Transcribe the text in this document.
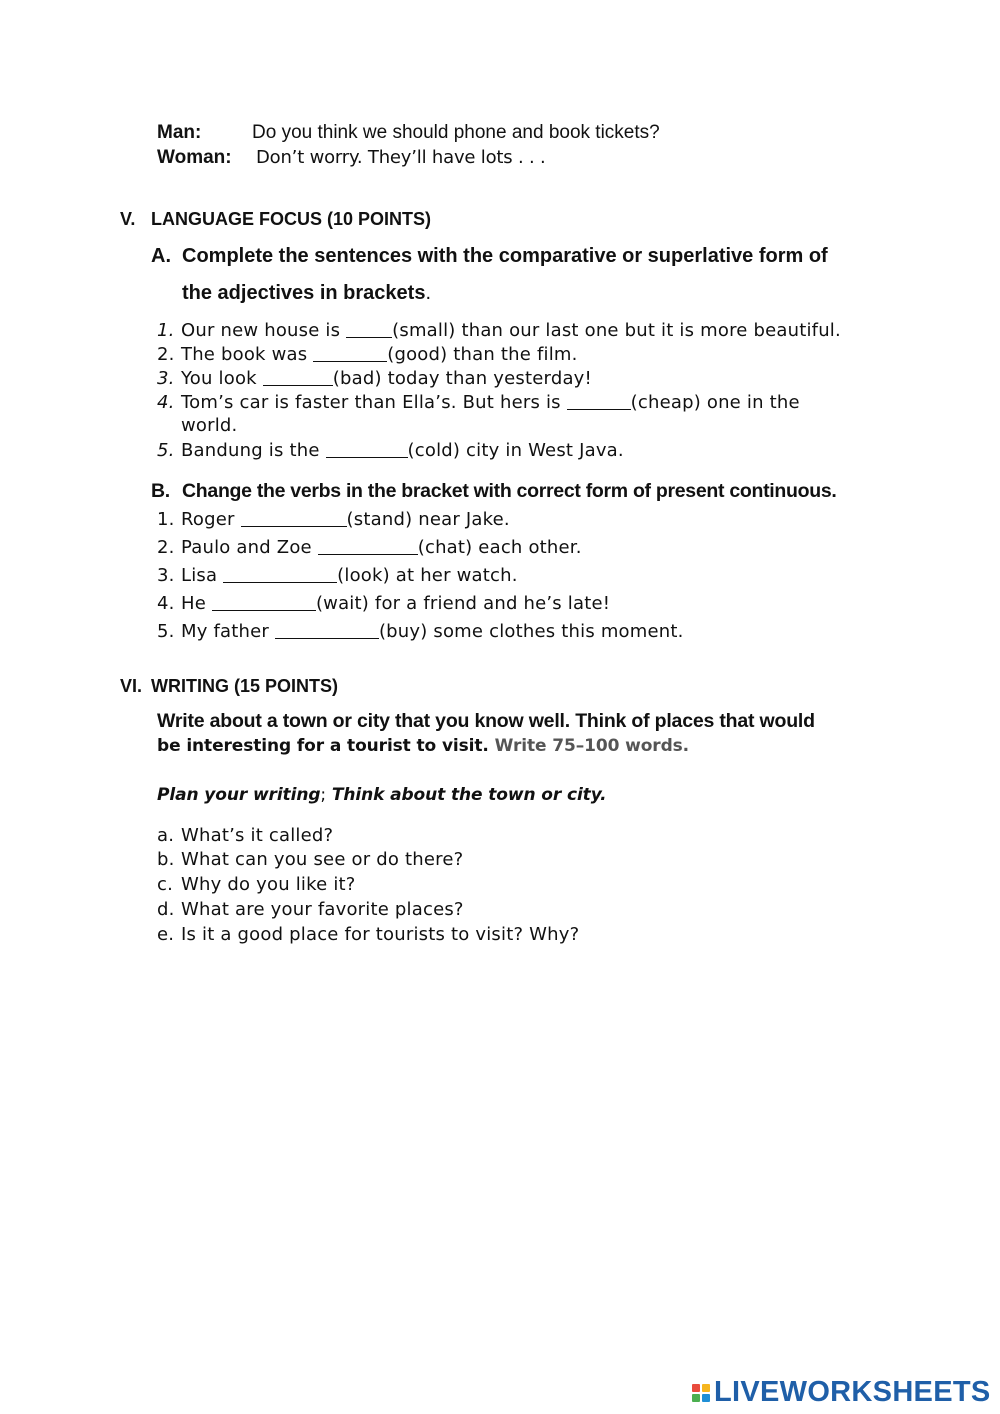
Man:	Do you think we should phone and book tickets?
Woman: Don’t worry. They’ll have lots . . .
V. LANGUAGE FOCUS (10 POINTS)
A. Complete the sentences with the comparative or superlative form of
the adjectives in brackets.
1. Our new house is	(small) than our last one but it is more beautiful.
2. The book was	(good) than the film.
3. You look	(bad) today than yesterday!
4. Tom’s car is faster than Ella’s. But hers is	(cheap) one in the
world.
5. Bandung is the	(cold) city in West Java.
B. Change the verbs in the bracket with correct form of present continuous.
1. Roger	(stand) near Jake.
2. Paulo and Zoe	(chat) each other.
3. Lisa	(look) at her watch.
4. He	(wait) for a friend and he’s late!
5. My father	(buy) some clothes this moment.
VI. WRITING (15 POINTS)
Write about a town or city that you know well. Think of places that would
be interesting for a tourist to visit. Write 75–100 words.
Plan your writing; Think about the town or city.
a. What’s it called?
b. What can you see or do there?
c. Why do you like it?
d. What are your favorite places?
e. Is it a good place for tourists to visit? Why?
LIVEWORKSHEETS
